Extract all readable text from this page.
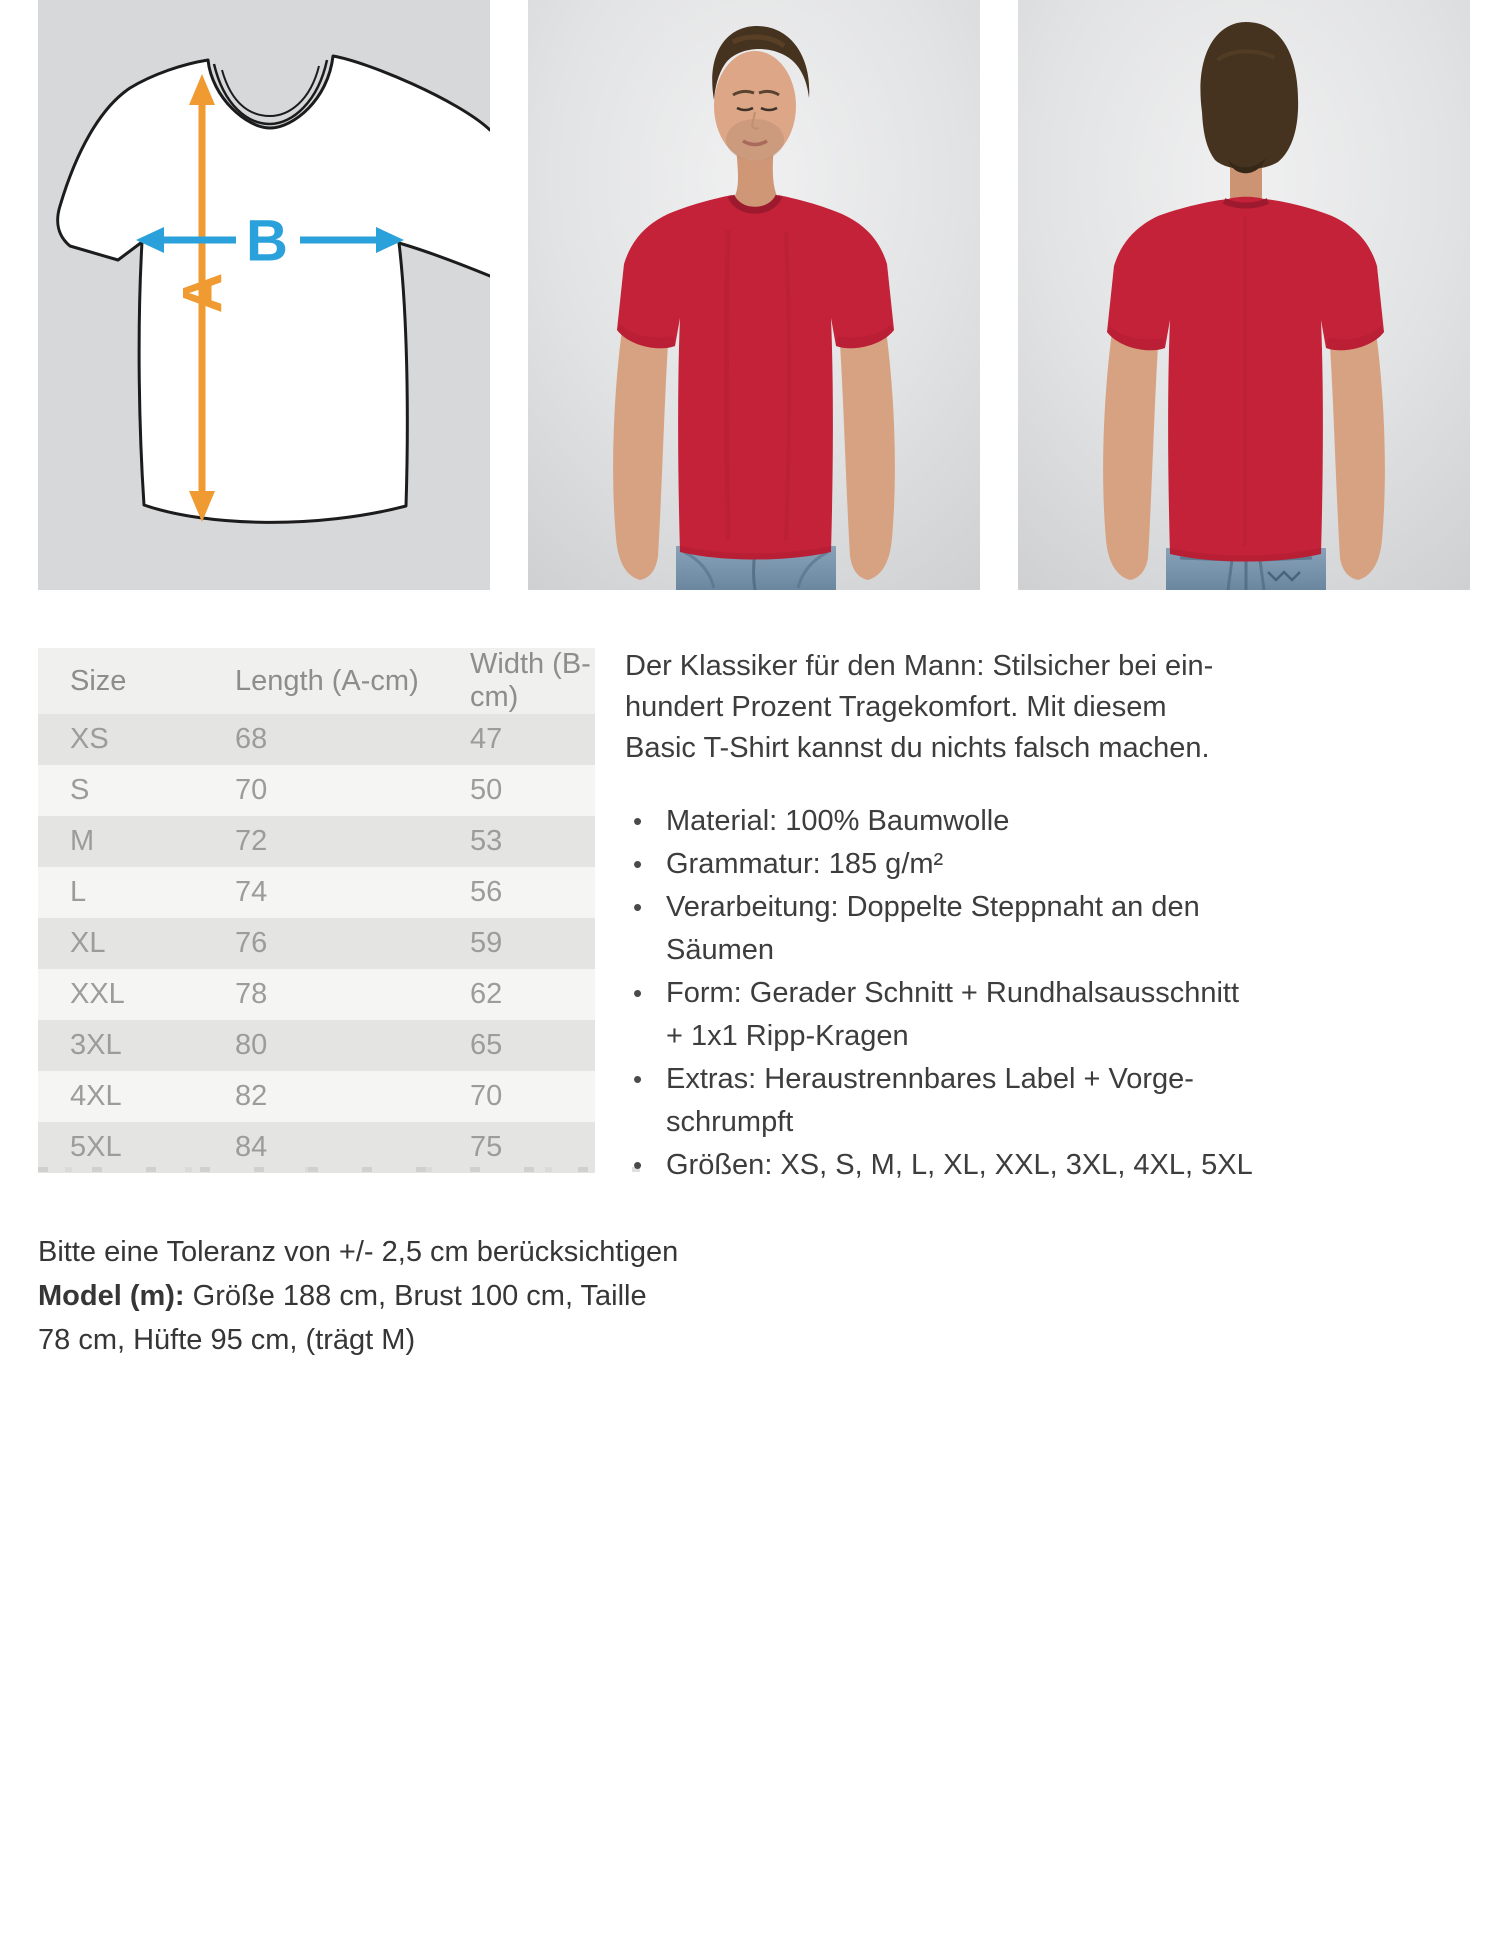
A
B
Size	Length (A-cm)	Width (B-cm)
XS	68	47
S	70	50
M	72	53
L	74	56
XL	76	59
XXL	78	62
3XL	80	65
4XL	82	70
5XL	84	75
Der Klassiker für den Mann: Stilsicher bei ein-
hundert Prozent Tragekomfort. Mit diesem
Basic T-Shirt kannst du nichts falsch machen.
• Material: 100% Baumwolle
• Grammatur: 185 g/m²
• Verarbeitung: Doppelte Steppnaht an den
Säumen
• Form: Gerader Schnitt + Rundhalsausschnitt
+ 1x1 Ripp-Kragen
• Extras: Heraustrennbares Label + Vorge-
schrumpft
• Größen: XS, S, M, L, XL, XXL, 3XL, 4XL, 5XL
Bitte eine Toleranz von +/- 2,5 cm berücksichtigen
Model (m): Größe 188 cm, Brust 100 cm, Taille
78 cm, Hüfte 95 cm, (trägt M)
